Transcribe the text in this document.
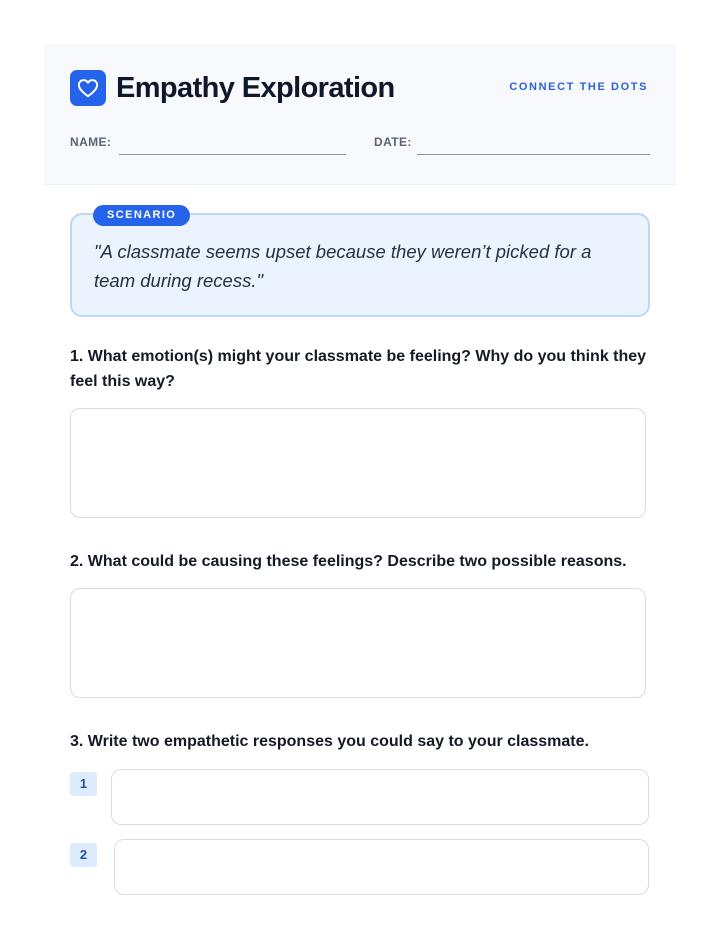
Empathy Exploration	CONNECT THE DOTS
NAME:	DATE:
"A classmate seems upset because they weren’t picked for a team during recess."
SCENARIO
1. What emotion(s) might your classmate be feeling? Why do you think they feel this way?
2. What could be causing these feelings? Describe two possible reasons.
3. Write two empathetic responses you could say to your classmate.
1
2
